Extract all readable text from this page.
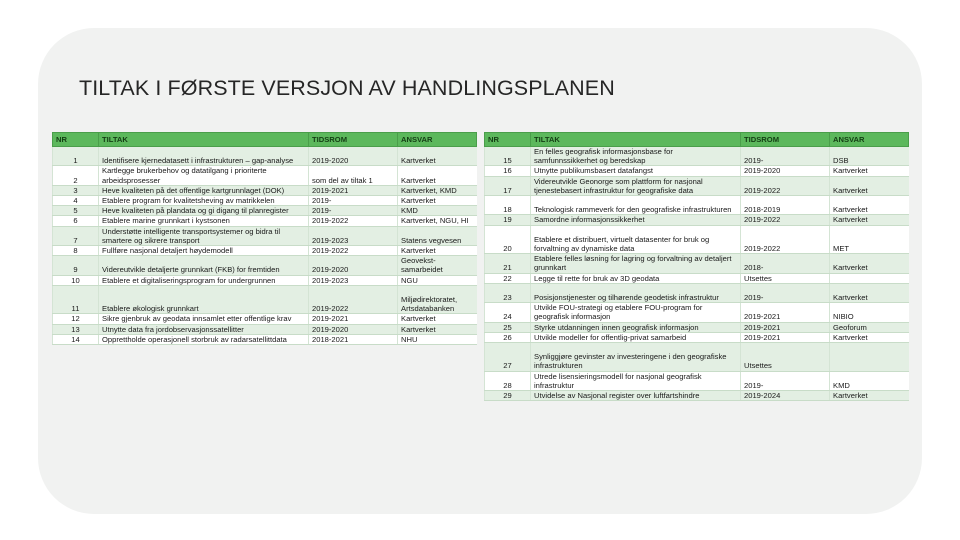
TILTAK I FØRSTE VERSJON AV HANDLINGSPLANEN
NR	TILTAK	TIDSROM	ANSVAR
1	Identifisere kjernedatasett i infrastrukturen – gap-analyse	2019-2020	Kartverket
2	Kartlegge brukerbehov og datatilgang i prioriterte arbeidsprosesser	som del av tiltak 1	Kartverket
3	Heve kvaliteten på det offentlige kartgrunnlaget (DOK)	2019-2021	Kartverket, KMD
4	Etablere program for kvalitetsheving av matrikkelen	2019-	Kartverket
5	Heve kvaliteten på plandata og gi digang til planregister	2019-	KMD
6	Etablere marine grunnkart i kystsonen	2019-2022	Kartverket, NGU, HI
7	Understøtte intelligente transportsystemer og bidra til smartere og sikrere transport	2019-2023	Statens vegvesen
8	Fullføre nasjonal detaljert høydemodell	2019-2022	Kartverket
9	Videreutvikle detaljerte grunnkart (FKB) for fremtiden	2019-2020	Geovekst-samarbeidet
10	Etablere et digitaliseringsprogram for undergrunnen	2019-2023	NGU
11	Etablere økologisk grunnkart	2019-2022	Miljødirektoratet, Artsdatabanken
12	Sikre gjenbruk av geodata innsamlet etter offentlige krav	2019-2021	Kartverket
13	Utnytte data fra jordobservasjonssatellitter	2019-2020	Kartverket
14	Opprettholde operasjonell storbruk av radarsatellittdata	2018-2021	NHU
NR	TILTAK	TIDSROM	ANSVAR
15	En felles geografisk informasjonsbase for samfunnssikkerhet og beredskap	2019-	DSB
16	Utnytte publikumsbasert datafangst	2019-2020	Kartverket
17	Videreutvikle Geonorge som plattform for nasjonal tjenestebasert infrastruktur for geografiske data	2019-2022	Kartverket
18	Teknologisk rammeverk for den geografiske infrastrukturen	2018-2019	Kartverket
19	Samordne informasjonssikkerhet	2019-2022	Kartverket
20	Etablere et distribuert, virtuelt datasenter for bruk og forvaltning av dynamiske data	2019-2022	MET
21	Etablere felles løsning for lagring og forvaltning av detaljert grunnkart	2018-	Kartverket
22	Legge til rette for bruk av 3D geodata	Utsettes	
23	Posisjonstjenester og tilhørende geodetisk infrastruktur	2019-	Kartverket
24	Utvikle FOU-strategi og etablere FOU-program for geografisk informasjon	2019-2021	NIBIO
25	Styrke utdanningen innen geografisk informasjon	2019-2021	Geoforum
26	Utvikle modeller for offentlig-privat samarbeid	2019-2021	Kartverket
27	Synliggjøre gevinster av investeringene i den geografiske infrastrukturen	Utsettes	
28	Utrede lisensieringsmodell for nasjonal geografisk infrastruktur	2019-	KMD
29	Utvidelse av Nasjonal register over luftfartshindre	2019-2024	Kartverket
